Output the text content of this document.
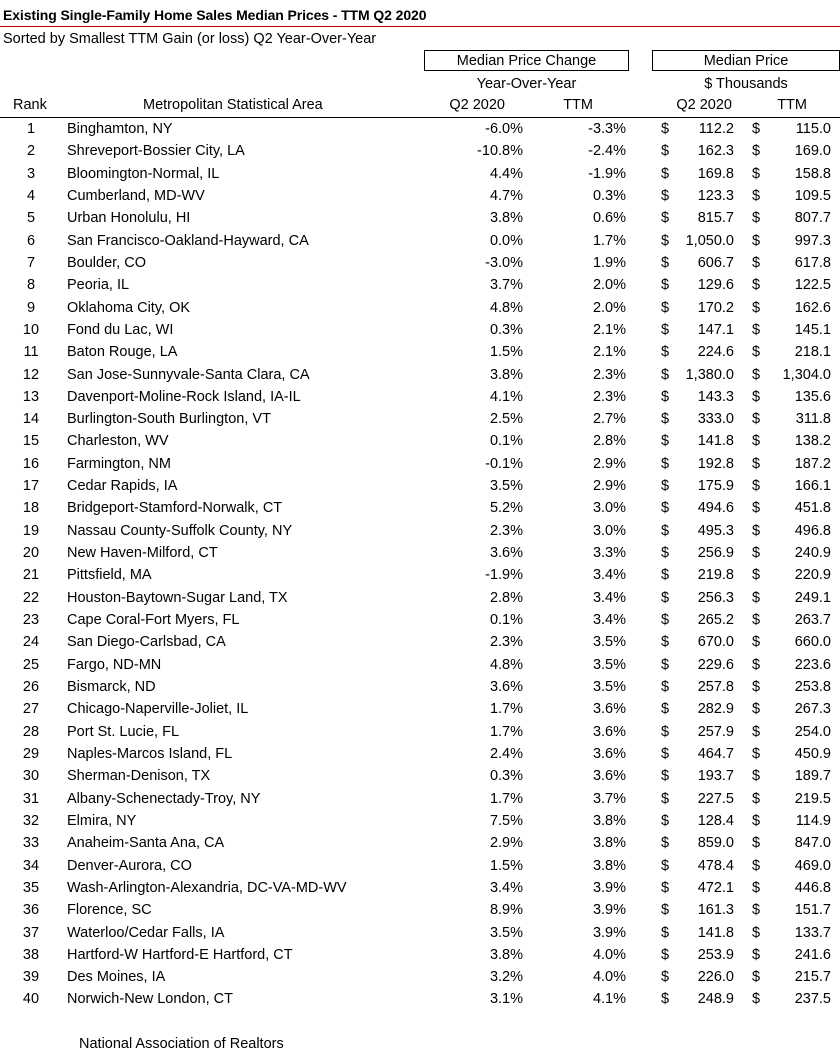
Existing Single-Family Home Sales Median Prices - TTM Q2 2020
Sorted by Smallest TTM Gain (or loss) Q2 Year-Over-Year
Median Price Change
Year-Over-Year
Median Price
$ Thousands
Rank	Metropolitan Statistical Area	Q2 2020	TTM	Q2 2020	TTM
1	Binghamton, NY	-6.0%	-3.3% $ 112.2 $ 115.0
2	Shreveport-Bossier City, LA	-10.8%	-2.4% $ 162.3 $ 169.0
3	Bloomington-Normal, IL	4.4%	-1.9% $ 169.8 $ 158.8
4	Cumberland, MD-WV	4.7%	0.3% $ 123.3 $ 109.5
5	Urban Honolulu, HI	3.8%	0.6% $ 815.7 $ 807.7
6	San Francisco-Oakland-Hayward, CA	0.0%	1.7% $ 1,050.0 $ 997.3
7	Boulder, CO	-3.0%	1.9% $ 606.7 $ 617.8
8	Peoria, IL	3.7%	2.0% $ 129.6 $ 122.5
9	Oklahoma City, OK	4.8%	2.0% $ 170.2 $ 162.6
10	Fond du Lac, WI	0.3%	2.1% $ 147.1 $ 145.1
11	Baton Rouge, LA	1.5%	2.1% $ 224.6 $ 218.1
12	San Jose-Sunnyvale-Santa Clara, CA	3.8%	2.3% $ 1,380.0 $ 1,304.0
13	Davenport-Moline-Rock Island, IA-IL	4.1%	2.3% $ 143.3 $ 135.6
14	Burlington-South Burlington, VT	2.5%	2.7% $ 333.0 $ 311.8
15	Charleston, WV	0.1%	2.8% $ 141.8 $ 138.2
16	Farmington, NM	-0.1%	2.9% $ 192.8 $ 187.2
17	Cedar Rapids, IA	3.5%	2.9% $ 175.9 $ 166.1
18	Bridgeport-Stamford-Norwalk, CT	5.2%	3.0% $ 494.6 $ 451.8
19	Nassau County-Suffolk County, NY	2.3%	3.0% $ 495.3 $ 496.8
20	New Haven-Milford, CT	3.6%	3.3% $ 256.9 $ 240.9
21	Pittsfield, MA	-1.9%	3.4% $ 219.8 $ 220.9
22	Houston-Baytown-Sugar Land, TX	2.8%	3.4% $ 256.3 $ 249.1
23	Cape Coral-Fort Myers, FL	0.1%	3.4% $ 265.2 $ 263.7
24	San Diego-Carlsbad, CA	2.3%	3.5% $ 670.0 $ 660.0
25	Fargo, ND-MN	4.8%	3.5% $ 229.6 $ 223.6
26	Bismarck, ND	3.6%	3.5% $ 257.8 $ 253.8
27	Chicago-Naperville-Joliet, IL	1.7%	3.6% $ 282.9 $ 267.3
28	Port St. Lucie, FL	1.7%	3.6% $ 257.9 $ 254.0
29	Naples-Marcos Island, FL	2.4%	3.6% $ 464.7 $ 450.9
30	Sherman-Denison, TX	0.3%	3.6% $ 193.7 $ 189.7
31	Albany-Schenectady-Troy, NY	1.7%	3.7% $ 227.5 $ 219.5
32	Elmira, NY	7.5%	3.8% $ 128.4 $ 114.9
33	Anaheim-Santa Ana, CA	2.9%	3.8% $ 859.0 $ 847.0
34	Denver-Aurora, CO	1.5%	3.8% $ 478.4 $ 469.0
35	Wash-Arlington-Alexandria, DC-VA-MD-WV	3.4%	3.9% $ 472.1 $ 446.8
36	Florence, SC	8.9%	3.9% $ 161.3 $ 151.7
37	Waterloo/Cedar Falls, IA	3.5%	3.9% $ 141.8 $ 133.7
38	Hartford-W Hartford-E Hartford, CT	3.8%	4.0% $ 253.9 $ 241.6
39	Des Moines, IA	3.2%	4.0% $ 226.0 $ 215.7
40	Norwich-New London, CT	3.1%	4.1% $ 248.9 $ 237.5
National Association of Realtors
